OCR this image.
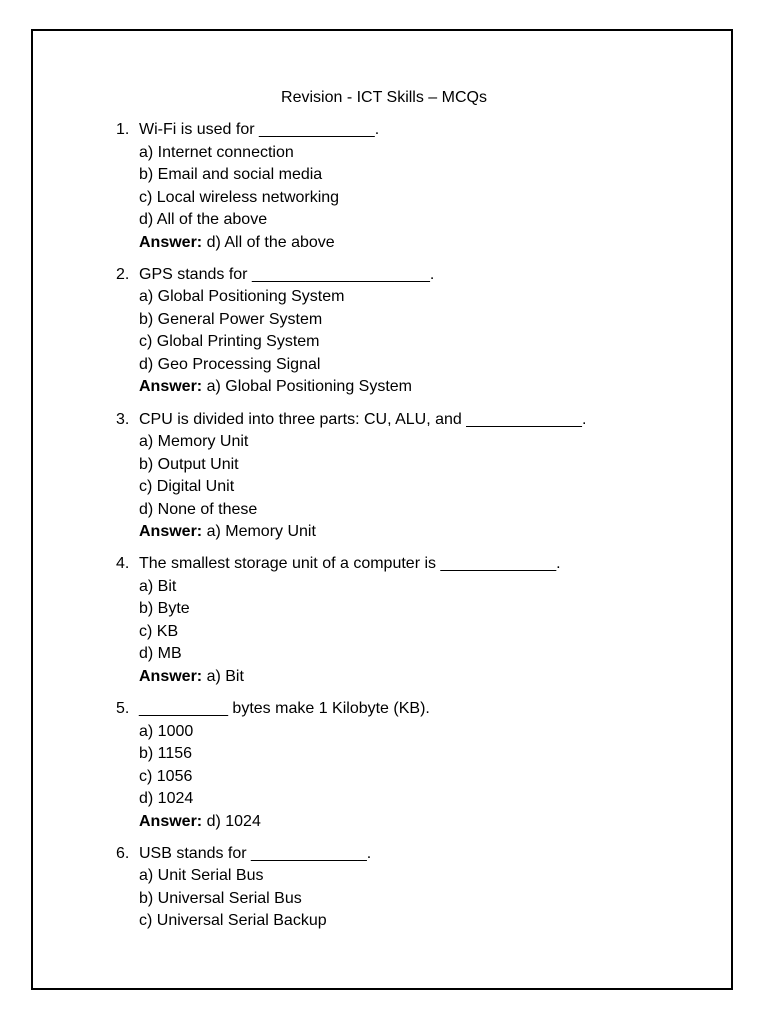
Revision - ICT Skills – MCQs
1. Wi-Fi is used for _____________.
a) Internet connection
b) Email and social media
c) Local wireless networking
d) All of the above
Answer: d) All of the above
2. GPS stands for ____________________.
a) Global Positioning System
b) General Power System
c) Global Printing System
d) Geo Processing Signal
Answer: a) Global Positioning System
3. CPU is divided into three parts: CU, ALU, and _____________.
a) Memory Unit
b) Output Unit
c) Digital Unit
d) None of these
Answer: a) Memory Unit
4. The smallest storage unit of a computer is _____________.
a) Bit
b) Byte
c) KB
d) MB
Answer: a) Bit
5. __________ bytes make 1 Kilobyte (KB).
a) 1000
b) 1156
c) 1056
d) 1024
Answer: d) 1024
6. USB stands for _____________.
a) Unit Serial Bus
b) Universal Serial Bus
c) Universal Serial Backup
